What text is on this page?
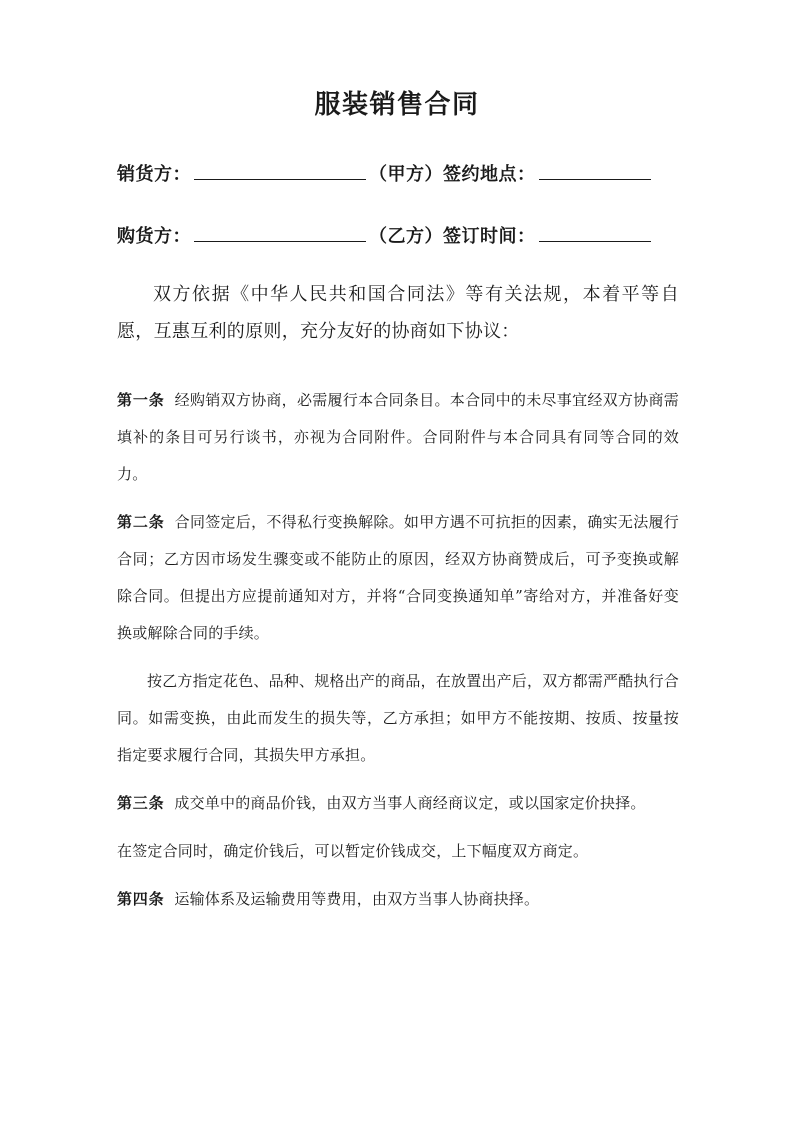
服装销售合同
销货方：	（甲方） 签约地点：
购货方：	（乙方） 签订时间：
双方依据《中华人民共和国合同法》等有关法规，本着平等自愿，互惠互利的原则，充分友好的协商如下协议：

第一条 经购销双方协商，必需履行本合同条目。本合同中的未尽事宜经双方协商需填补的条目可另行谈书，亦视为合同附件。合同附件与本合同具有同等合同的效力。

第二条 合同签定后，不得私行变换解除。如甲方遇不可抗拒的因素，确实无法履行合同；乙方因市场发生骤变或不能防止的原因，经双方协商赞成后，可予变换或解除合同。但提出方应提前通知对方，并将“合同变换通知单”寄给对方，并准备好变换或解除合同的手续。

按乙方指定花色、品种、规格出产的商品，在放置出产后，双方都需严酷执行合同。如需变换，由此而发生的损失等，乙方承担；如甲方不能按期、按质、按量按指定要求履行合同，其损失甲方承担。

第三条 成交单中的商品价钱，由双方当事人商经商议定，或以国家定价抉择。

在签定合同时，确定价钱后，可以暂定价钱成交，上下幅度双方商定。

第四条 运输体系及运输费用等费用，由双方当事人协商抉择。
